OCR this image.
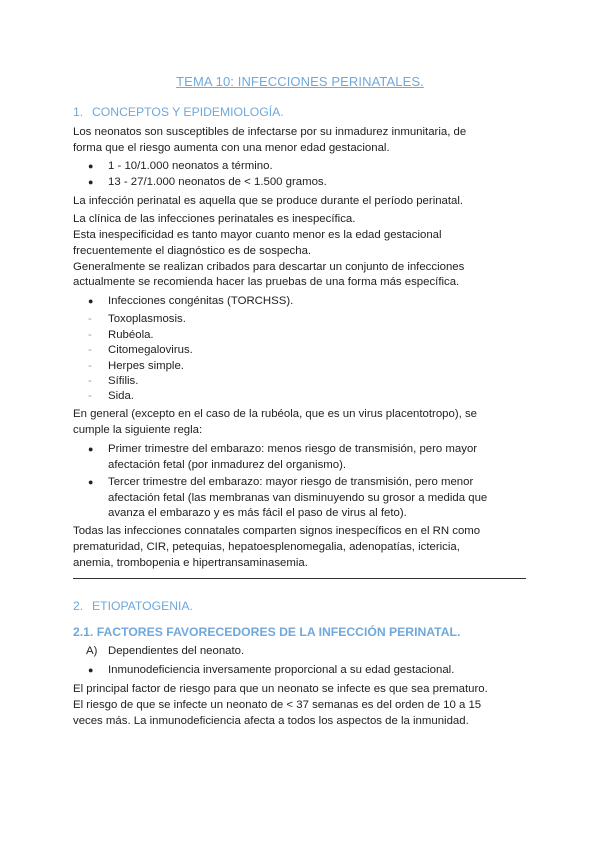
TEMA 10: INFECCIONES PERINATALES.
1. CONCEPTOS Y EPIDEMIOLOGÍA.
Los neonatos son susceptibles de infectarse por su inmadurez inmunitaria, de
forma que el riesgo aumenta con una menor edad gestacional.
●	1 - 10/1.000 neonatos a término.
●	13 - 27/1.000 neonatos de < 1.500 gramos.
La infección perinatal es aquella que se produce durante el período perinatal.
La clínica de las infecciones perinatales es inespecífica.
Esta inespecificidad es tanto mayor cuanto menor es la edad gestacional
frecuentemente el diagnóstico es de sospecha.
Generalmente se realizan cribados para descartar un conjunto de infecciones
actualmente se recomienda hacer las pruebas de una forma más específica.
●	Infecciones congénitas (TORCHSS).
-	Toxoplasmosis.
-	Rubéola.
-	Citomegalovirus.
-	Herpes simple.
-	Sífilis.
-	Sida.
En general (excepto en el caso de la rubéola, que es un virus placentotropo), se
cumple la siguiente regla:
●	Primer trimestre del embarazo: menos riesgo de transmisión, pero mayor
afectación fetal (por inmadurez del organismo).
●	Tercer trimestre del embarazo: mayor riesgo de transmisión, pero menor
afectación fetal (las membranas van disminuyendo su grosor a medida que
avanza el embarazo y es más fácil el paso de virus al feto).
Todas las infecciones connatales comparten signos inespecíficos en el RN como
prematuridad, CIR, petequias, hepatoesplenomegalia, adenopatías, ictericia,
anemia, trombopenia e hipertransaminasemia.
2. ETIOPATOGENIA.
2.1. FACTORES FAVORECEDORES DE LA INFECCIÓN PERINATAL.
A) Dependientes del neonato.
●	Inmunodeficiencia inversamente proporcional a su edad gestacional.
El principal factor de riesgo para que un neonato se infecte es que sea prematuro.
El riesgo de que se infecte un neonato de < 37 semanas es del orden de 10 a 15
veces más. La inmunodeficiencia afecta a todos los aspectos de la inmunidad.
